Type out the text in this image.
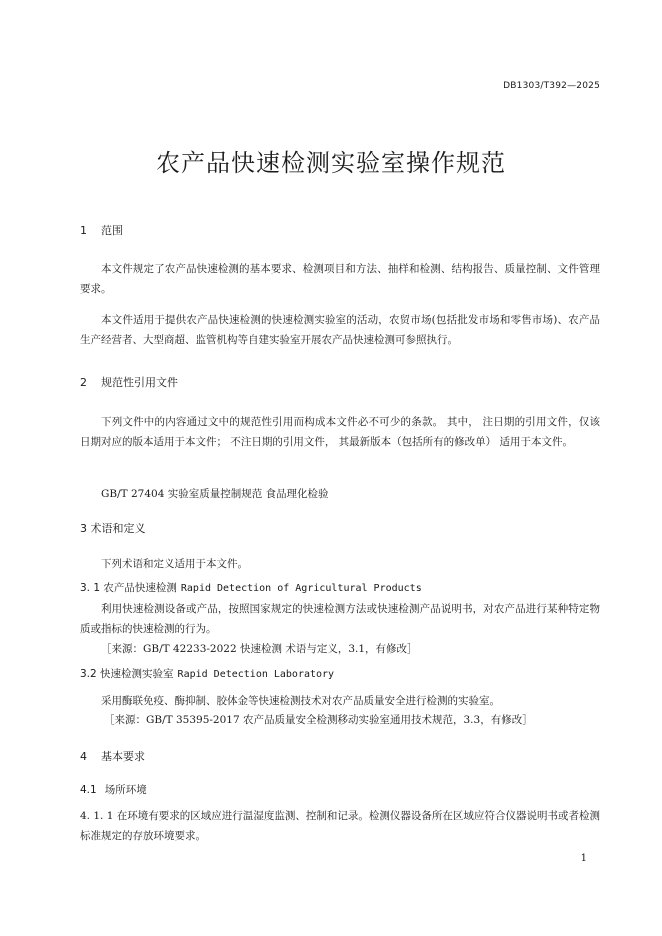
DB1303/T392—2025
农产品快速检测实验室操作规范
1 范围
本文件规定了农产品快速检测的基本要求、检测项目和方法、抽样和检测、结构报告、质量控制、文件管理要求。
本文件适用于提供农产品快速检测的快速检测实验室的活动，农贸市场(包括批发市场和零售市场)、农产品生产经营者、大型商超、监管机构等自建实验室开展农产品快速检测可参照执行。
2 规范性引用文件
下列文件中的内容通过文中的规范性引用而构成本文件必不可少的条款。 其中， 注日期的引用文件，仅该日期对应的版本适用于本文件； 不注日期的引用文件， 其最新版本（包括所有的修改单） 适用于本文件。
GB/T 27404 实验室质量控制规范 食品理化检验
3 术语和定义
下列术语和定义适用于本文件。
3. 1 农产品快速检测 Rapid Detection of Agricultural Products
利用快速检测设备或产品，按照国家规定的快速检测方法或快速检测产品说明书，对农产品进行某种特定物质或指标的快速检测的行为。
［来源：GB/T 42233-2022 快速检测 术语与定义，3.1，有修改］
3.2 快速检测实验室 Rapid Detection Laboratory
采用酶联免疫、酶抑制、胶体金等快速检测技术对农产品质量安全进行检测的实验室。
［来源：GB/T 35395-2017 农产品质量安全检测移动实验室通用技术规范，3.3，有修改］
4 基本要求
4.1 场所环境
4. 1. 1 在环境有要求的区域应进行温湿度监测、控制和记录。检测仪器设备所在区域应符合仪器说明书或者检测标准规定的存放环境要求。
1
